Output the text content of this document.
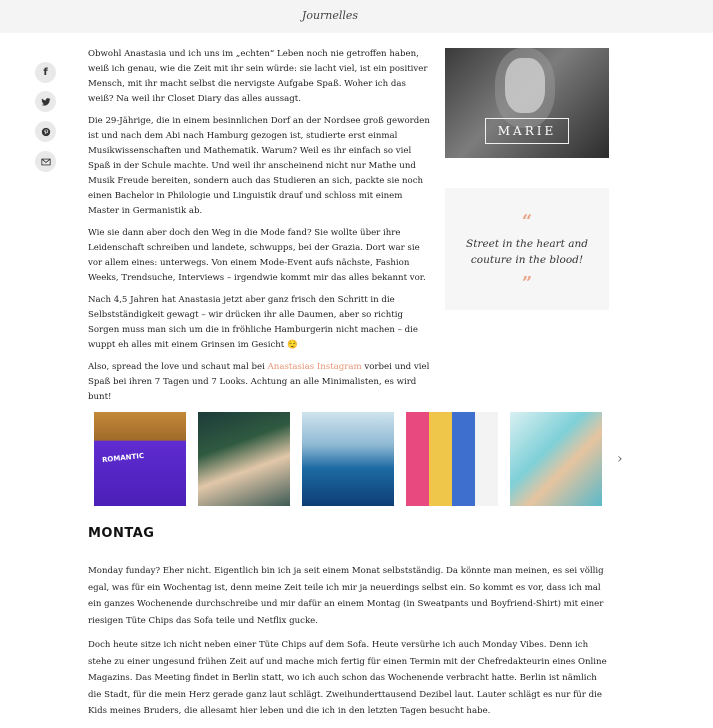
Journelles
f

Obwohl Anastasia und ich uns im „echten“ Leben noch nie getroffen haben, weiß ich genau, wie die Zeit mit ihr sein würde: sie lacht viel, ist ein positiver Mensch, mit ihr macht selbst die nervigste Aufgabe Spaß. Woher ich das weiß? Na weil ihr Closet Diary das alles aussagt.

Die 29-Jährige, die in einem besinnlichen Dorf an der Nordsee groß geworden ist und nach dem Abi nach Hamburg gezogen ist, studierte erst einmal Musikwissenschaften und Mathematik. Warum? Weil es ihr einfach so viel Spaß in der Schule machte. Und weil ihr anscheinend nicht nur Mathe und Musik Freude bereiten, sondern auch das Studieren an sich, packte sie noch einen Bachelor in Philologie und Linguistik drauf und schloss mit einem Master in Germanistik ab.

Wie sie dann aber doch den Weg in die Mode fand? Sie wollte über ihre Leidenschaft schreiben und landete, schwupps, bei der Grazia. Dort war sie vor allem eines: unterwegs. Von einem Mode-Event aufs nächste, Fashion Weeks, Trendsuche, Interviews – irgendwie kommt mir das alles bekannt vor.

Nach 4,5 Jahren hat Anastasia jetzt aber ganz frisch den Schritt in die Selbstständigkeit gewagt – wir drücken ihr alle Daumen, aber so richtig Sorgen muss man sich um die in fröhliche Hamburgerin nicht machen – die wuppt eh alles mit einem Grinsen im Gesicht 😌

Also, spread the love und schaut mal bei Anastasias Instagram vorbei und viel Spaß bei ihren 7 Tagen und 7 Looks. Achtung an alle Minimalisten, es wird bunt!

MARIE
“
Street in the heart and couture in the blood!
”
ROMANTIC	›
MONTAG

Monday funday? Eher nicht. Eigentlich bin ich ja seit einem Monat selbstständig. Da könnte man meinen, es sei völlig egal, was für ein Wochentag ist, denn meine Zeit teile ich mir ja neuerdings selbst ein. So kommt es vor, dass ich mal ein ganzes Wochenende durchschreibe und mir dafür an einem Montag (in Sweatpants und Boyfriend-Shirt) mit einer riesigen Tüte Chips das Sofa teile und Netflix gucke.

Doch heute sitze ich nicht neben einer Tüte Chips auf dem Sofa. Heute versürhe ich auch Monday Vibes. Denn ich stehe zu einer ungesund frühen Zeit auf und mache mich fertig für einen Termin mit der Chefredakteurin eines Online Magazins. Das Meeting findet in Berlin statt, wo ich auch schon das Wochenende verbracht hatte. Berlin ist nämlich die Stadt, für die mein Herz gerade ganz laut schlägt. Zweihunderttausend Dezibel laut. Lauter schlägt es nur für die Kids meines Bruders, die allesamt hier leben und die ich in den letzten Tagen besucht habe.
